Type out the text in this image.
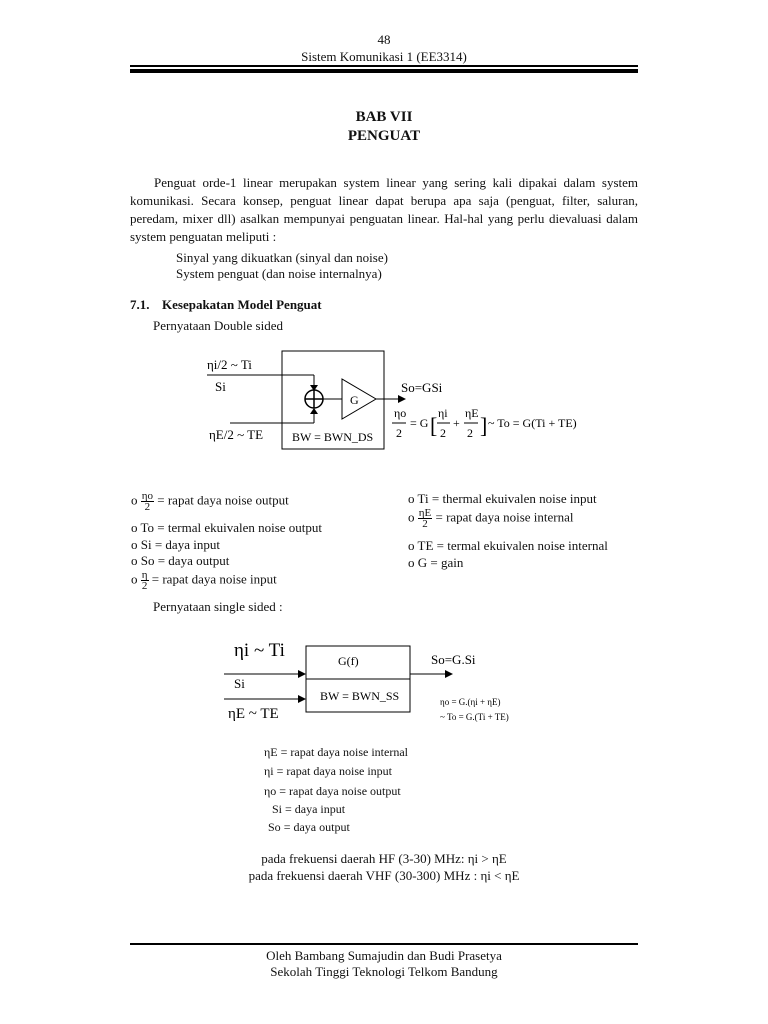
48
Sistem Komunikasi 1 (EE3314)
BAB VII
PENGUAT
Penguat orde-1 linear merupakan system linear yang sering kali dipakai dalam system komunikasi. Secara konsep, penguat linear dapat berupa apa saja (penguat, filter, saluran, peredam, mixer dll) asalkan mempunyai penguatan linear. Hal-hal yang perlu dievaluasi dalam system penguatan meliputi :
Sinyal yang dikuatkan (sinyal dan noise)
System penguat (dan noise internalnya)
7.1. Kesepakatan Model Penguat
Pernyataan Double sided
G
ηi/2 ~ Ti
Si
ηE/2 ~ TE BW = BWN_DS
So=GSi
ηo
2
= G [ ηi
2
+
ηE
2 ] ~ To = G(Ti + TE)
o $\frac{\eta o}{2}$ = rapat daya noise output
o To = termal ekuivalen noise output
o Si = daya input
o So = daya output
o $\frac{\eta}{2}$ = rapat daya noise input
o Ti = thermal ekuivalen noise input
o $\frac{\eta E}{2}$ = rapat daya noise internal
o TE = termal ekuivalen noise internal
o G = gain
Pernyataan single sided :
ηi ~ Ti
Si
ηE ~ TE
G(f)
BW = BWN_SS
So=G.Si
ηo = G.(ηi + ηE)
~ To = G.(Ti + TE)
ηE = rapat daya noise internal
ηi = rapat daya noise input
ηo = rapat daya noise output
Si = daya input
So = daya output
pada frekuensi daerah HF (3-30) MHz: ηi > ηE
pada frekuensi daerah VHF (30-300) MHz : ηi < ηE
Oleh Bambang Sumajudin dan Budi Prasetya
Sekolah Tinggi Teknologi Telkom Bandung
